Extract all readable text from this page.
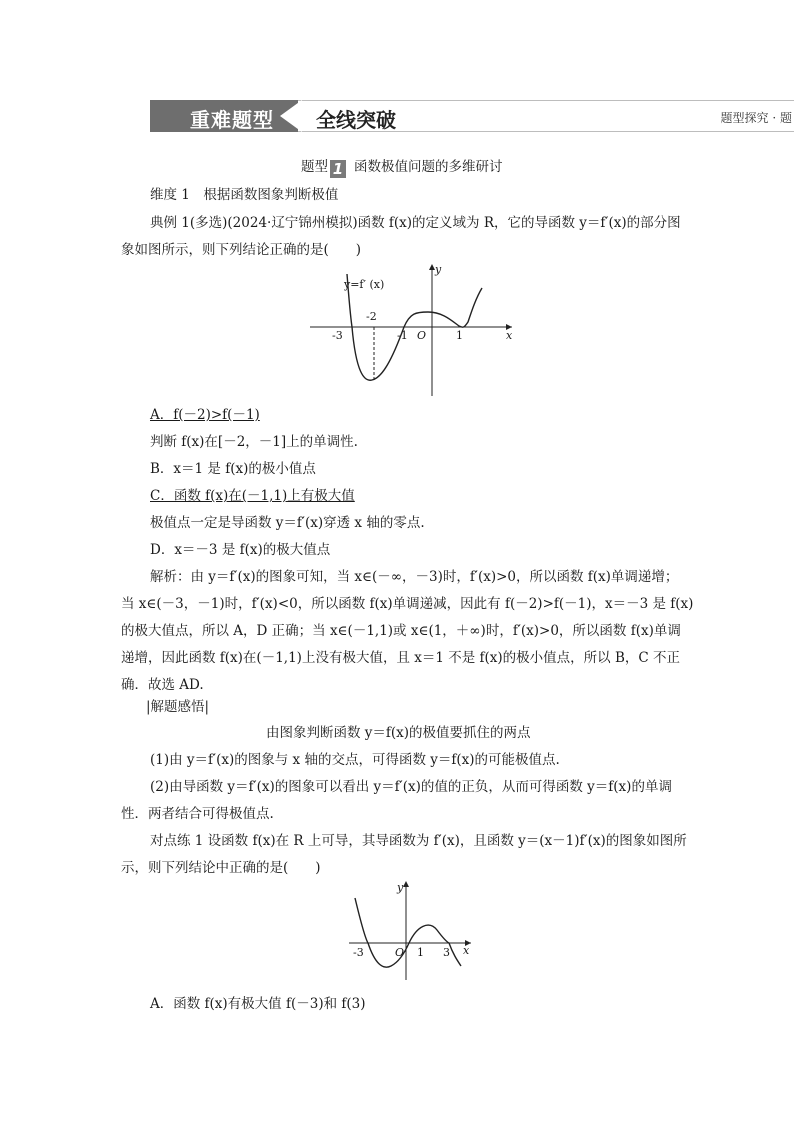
重难题型 全线突破	题型探究 · 题
题型 1 函数极值问题的多维研讨
维度 1　根据函数图象判断极值
典例 1(多选)(2024·辽宁锦州模拟)函数 f(x)的定义域为 R，它的导函数 y＝f′(x)的部分图
象如图所示，则下列结论正确的是(　　)
y=f′ (x)
y
x
O
-3
-2
-1	1
A．f(－2)>f(－1)
判断 f(x)在[－2，－1]上的单调性.
B．x＝1 是 f(x)的极小值点
C．函数 f(x)在(－1,1)上有极大值
极值点一定是导函数 y＝f′(x)穿透 x 轴的零点.
D．x＝－3 是 f(x)的极大值点
解析：由 y＝f′(x)的图象可知，当 x∈(－∞，－3)时，f′(x)>0，所以函数 f(x)单调递增；
当 x∈(－3，－1)时，f′(x)<0，所以函数 f(x)单调递减，因此有 f(－2)>f(－1)，x＝－3 是 f(x)
的极大值点，所以 A，D 正确；当 x∈(－1,1)或 x∈(1，＋∞)时，f′(x)>0，所以函数 f(x)单调
递增，因此函数 f(x)在(－1,1)上没有极大值，且 x＝1 不是 f(x)的极小值点，所以 B，C 不正
确．故选 AD.
|解题感悟|
由图象判断函数 y＝f(x)的极值要抓住的两点
(1)由 y＝f′(x)的图象与 x 轴的交点，可得函数 y＝f(x)的可能极值点.
(2)由导函数 y＝f′(x)的图象可以看出 y＝f′(x)的值的正负，从而可得函数 y＝f(x)的单调
性．两者结合可得极值点.
对点练 1 设函数 f(x)在 R 上可导，其导函数为 f′(x)，且函数 y＝(x－1)f′(x)的图象如图所
示，则下列结论中正确的是(　　)
y
x
O
-3	1 3
A．函数 f(x)有极大值 f(－3)和 f(3)
